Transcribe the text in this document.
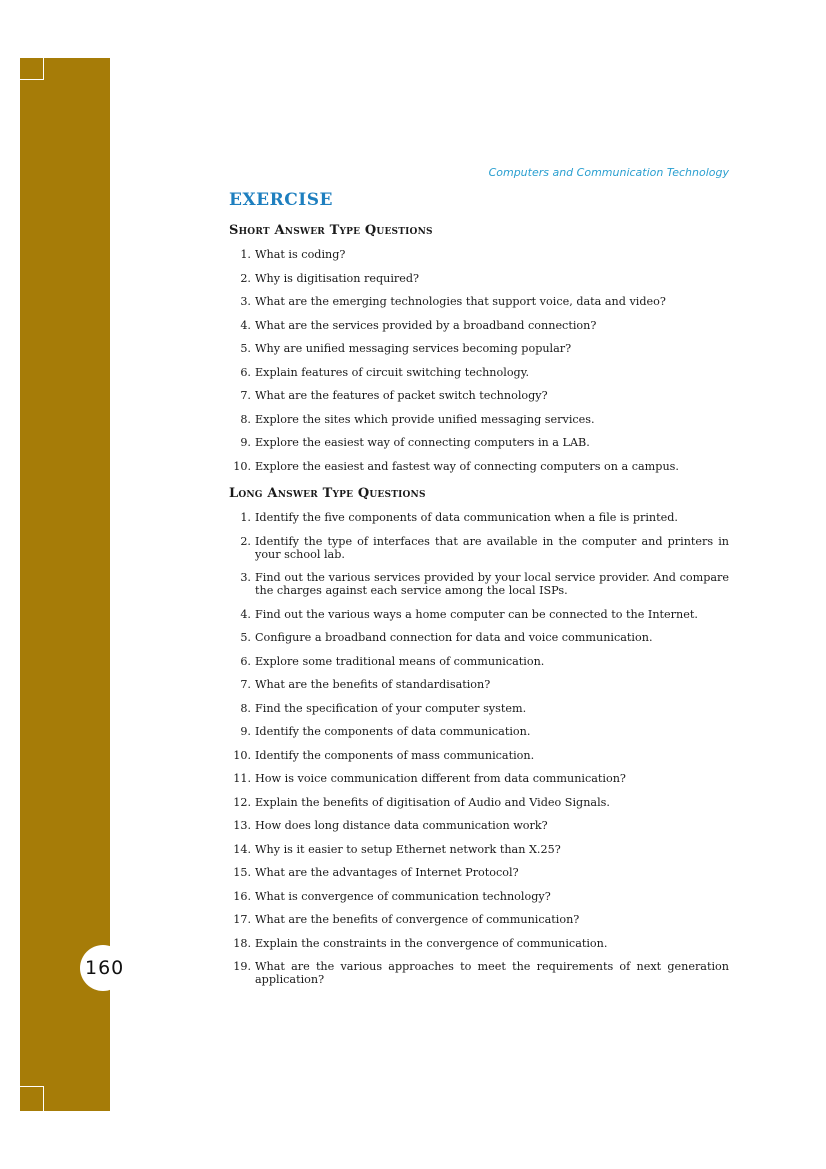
160
Computers and Communication Technology
EXERCISE
Short Answer Type Questions
1. What is coding?
2. Why is digitisation required?
3. What are the emerging technologies that support voice, data and video?
4. What are the services provided by a broadband connection?
5. Why are unified messaging services becoming popular?
6. Explain features of circuit switching technology.
7. What are the features of packet switch technology?
8. Explore the sites which provide unified messaging services.
9. Explore the easiest way of connecting computers in a LAB.
10. Explore the easiest and fastest way of connecting computers on a campus.
Long Answer Type Questions
1. Identify the five components of data communication when a file is printed.
2. Identify the type of interfaces that are available in the computer and printers in your school lab.
3. Find out the various services provided by your local service provider. And compare the charges against each service among the local ISPs.
4. Find out the various ways a home computer can be connected to the Internet.
5. Configure a broadband connection for data and voice communication.
6. Explore some traditional means of communication.
7. What are the benefits of standardisation?
8. Find the specification of your computer system.
9. Identify the components of data communication.
10. Identify the components of mass communication.
11. How is voice communication different from data communication?
12. Explain the benefits of digitisation of Audio and Video Signals.
13. How does long distance data communication work?
14. Why is it easier to setup Ethernet network than X.25?
15. What are the advantages of Internet Protocol?
16. What is convergence of communication technology?
17. What are the benefits of convergence of communication?
18. Explain the constraints in the convergence of communication.
19. What are the various approaches to meet the requirements of next generation application?
